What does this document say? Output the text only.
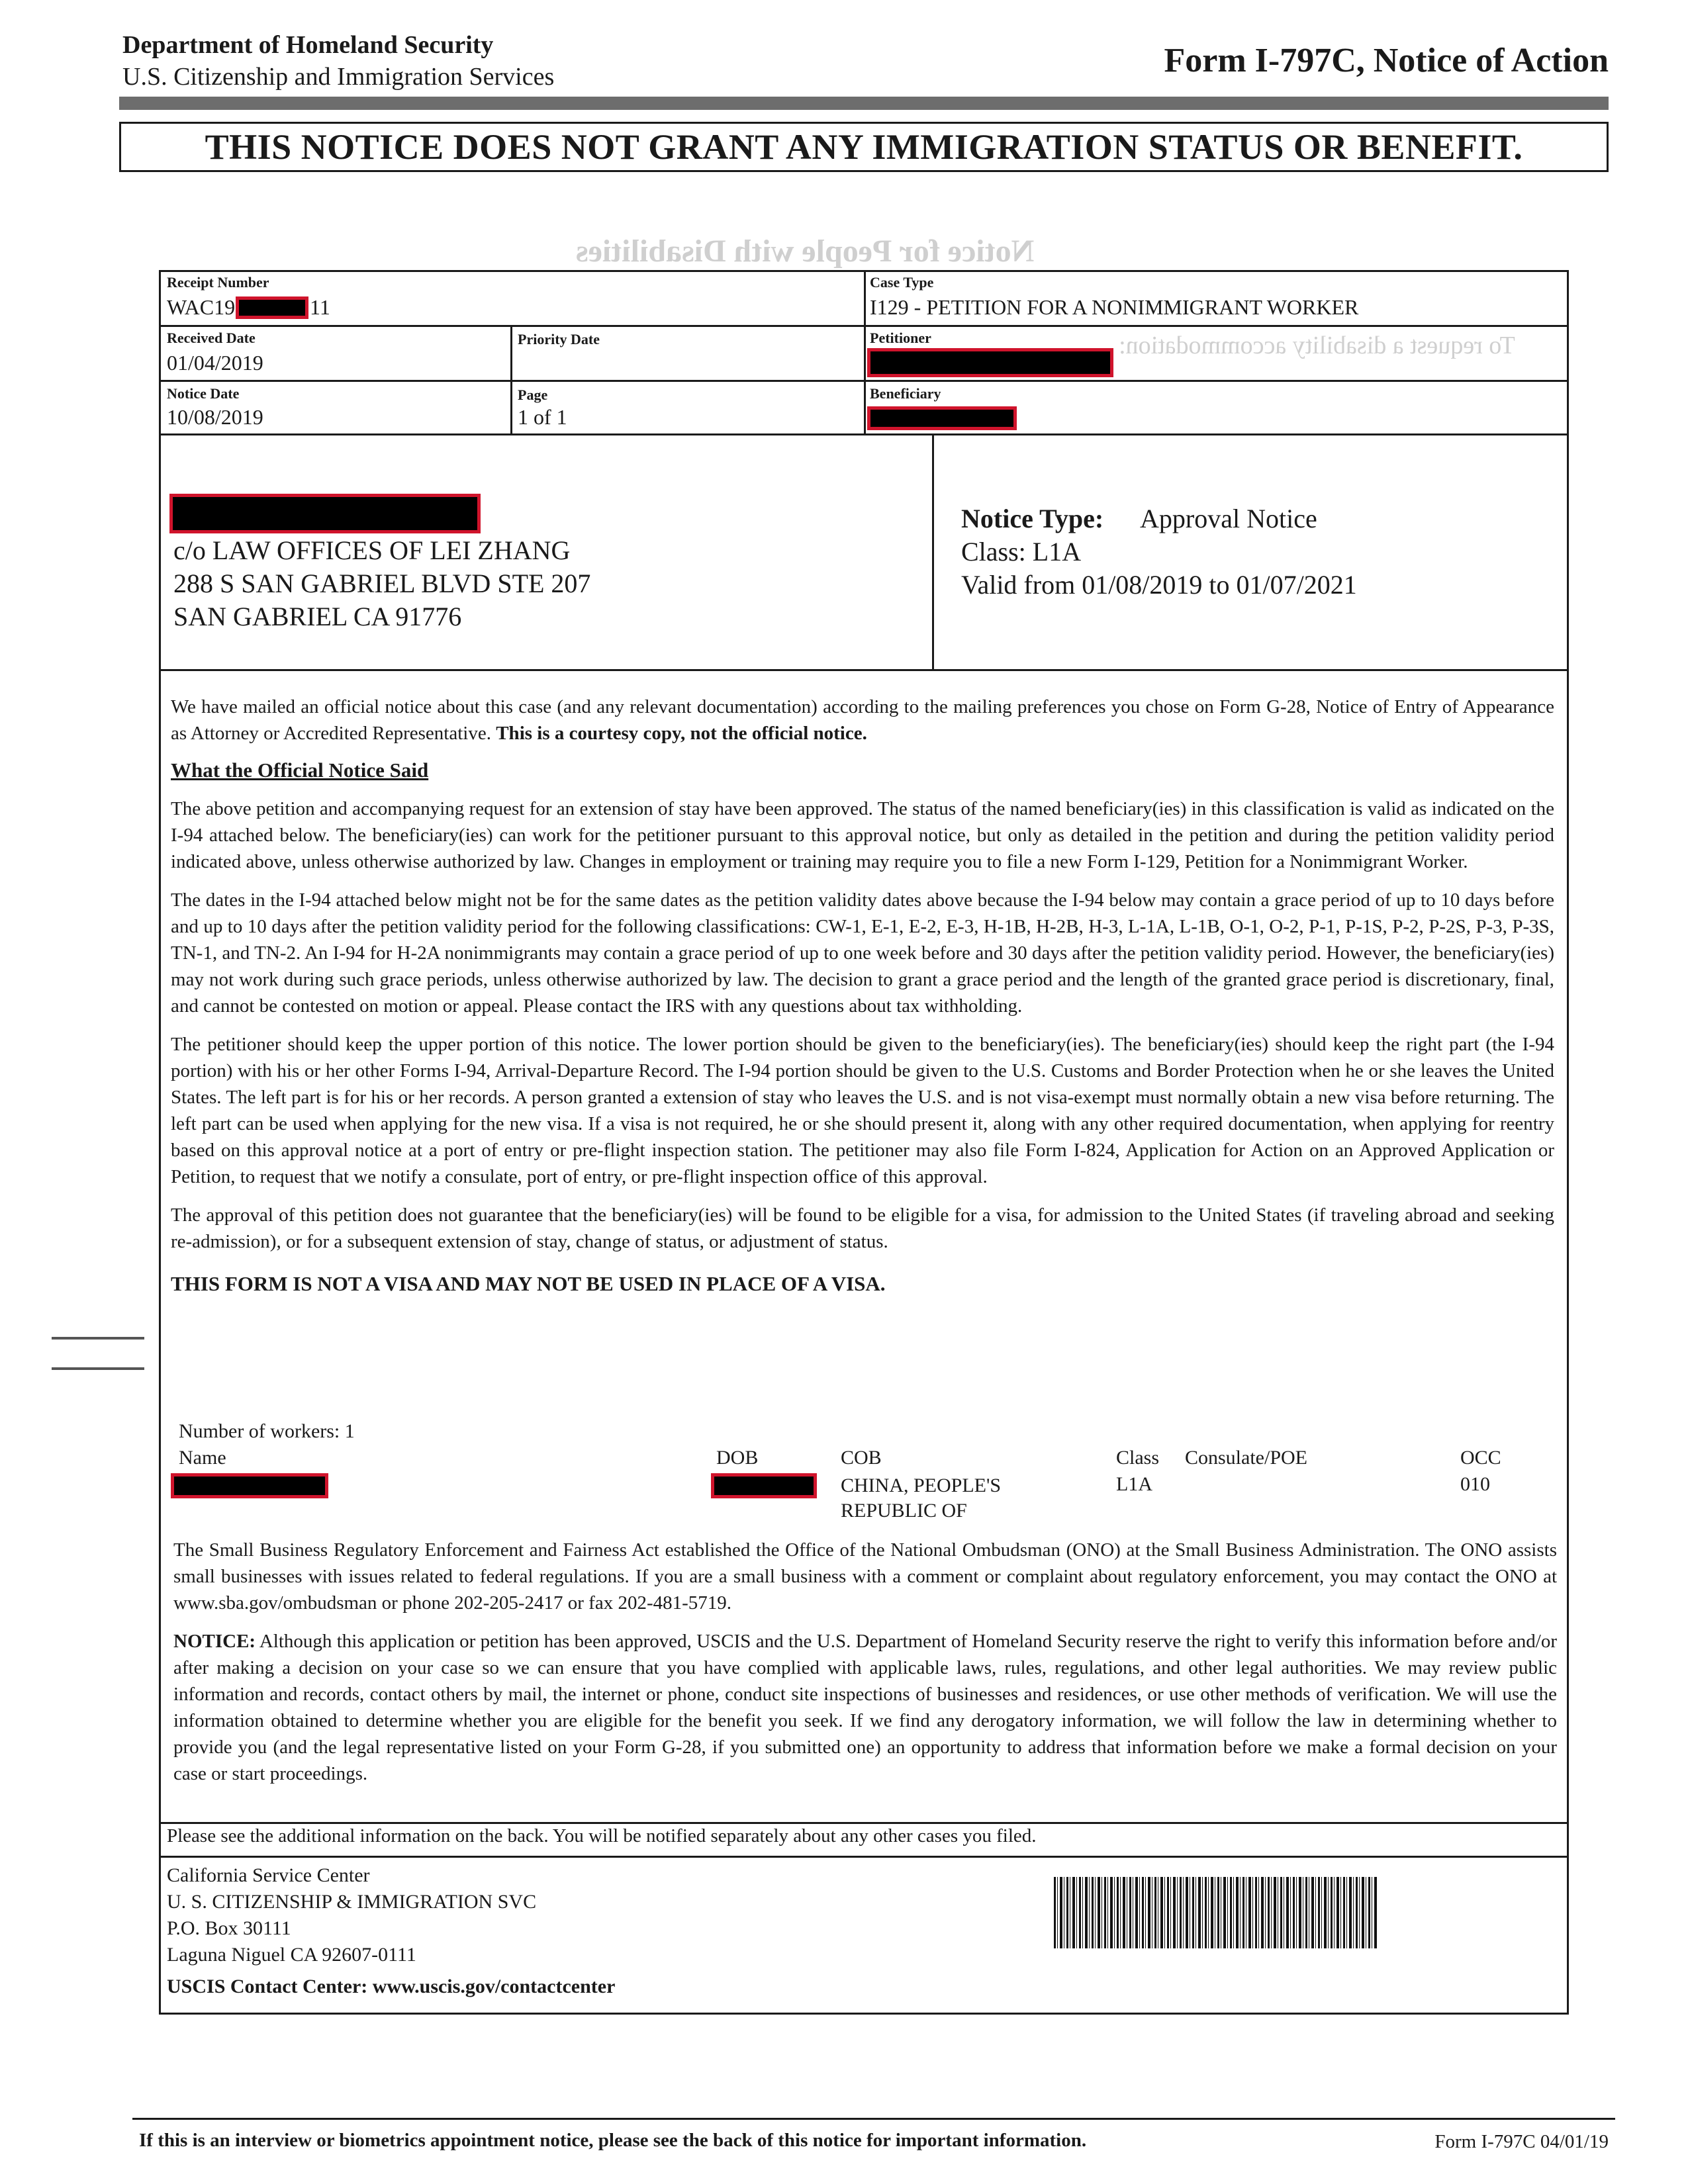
Department of Homeland Security
U.S. Citizenship and Immigration Services	Form I-797C, Notice of Action
THIS NOTICE DOES NOT GRANT ANY IMMIGRATION STATUS OR BENEFIT.
Notice for People with Disabilities
To request a disability accommodation:
Receipt Number
WAC19	11
Case Type
I129 - PETITION FOR A NONIMMIGRANT WORKER
Received Date
01/04/2019
Priority Date	Petitioner
Notice Date
10/08/2019
Page
1 of 1
Beneficiary
c/o LAW OFFICES OF LEI ZHANG
288 S SAN GABRIEL BLVD STE 207
SAN GABRIEL CA 91776
Notice Type: Approval Notice
Class: L1A
Valid from 01/08/2019 to 01/07/2021

We have mailed an official notice about this case (and any relevant documentation) according to the mailing preferences you chose on Form G-28, Notice of Entry of Appearance as Attorney or Accredited Representative. This is a courtesy copy, not the official notice.

What the Official Notice Said

The above petition and accompanying request for an extension of stay have been approved. The status of the named beneficiary(ies) in this classification is valid as indicated on the I-94 attached below. The beneficiary(ies) can work for the petitioner pursuant to this approval notice, but only as detailed in the petition and during the petition validity period indicated above, unless otherwise authorized by law. Changes in employment or training may require you to file a new Form I-129, Petition for a Nonimmigrant Worker.

The dates in the I-94 attached below might not be for the same dates as the petition validity dates above because the I-94 below may contain a grace period of up to 10 days before and up to 10 days after the petition validity period for the following classifications: CW-1, E-1, E-2, E-3, H-1B, H-2B, H-3, L-1A, L-1B, O-1, O-2, P-1, P-1S, P-2, P-2S, P-3, P-3S, TN-1, and TN-2. An I-94 for H-2A nonimmigrants may contain a grace period of up to one week before and 30 days after the petition validity period. However, the beneficiary(ies) may not work during such grace periods, unless otherwise authorized by law. The decision to grant a grace period and the length of the granted grace period is discretionary, final, and cannot be contested on motion or appeal. Please contact the IRS with any questions about tax withholding.

The petitioner should keep the upper portion of this notice. The lower portion should be given to the beneficiary(ies). The beneficiary(ies) should keep the right part (the I-94 portion) with his or her other Forms I-94, Arrival-Departure Record. The I-94 portion should be given to the U.S. Customs and Border Protection when he or she leaves the United States. The left part is for his or her records. A person granted a extension of stay who leaves the U.S. and is not visa-exempt must normally obtain a new visa before returning. The left part can be used when applying for the new visa. If a visa is not required, he or she should present it, along with any other required documentation, when applying for reentry based on this approval notice at a port of entry or pre-flight inspection station. The petitioner may also file Form I-824, Application for Action on an Approved Application or Petition, to request that we notify a consulate, port of entry, or pre-flight inspection office of this approval.

The approval of this petition does not guarantee that the beneficiary(ies) will be found to be eligible for a visa, for admission to the United States (if traveling abroad and seeking re-admission), or for a subsequent extension of stay, change of status, or adjustment of status.

THIS FORM IS NOT A VISA AND MAY NOT BE USED IN PLACE OF A VISA.
Number of workers: 1
Name	DOB	COB	Class Consulate/POE	OCC
CHINA, PEOPLE'S
REPUBLIC OF
L1A	010

The Small Business Regulatory Enforcement and Fairness Act established the Office of the National Ombudsman (ONO) at the Small Business Administration. The ONO assists small businesses with issues related to federal regulations. If you are a small business with a comment or complaint about regulatory enforcement, you may contact the ONO at www.sba.gov/ombudsman or phone 202-205-2417 or fax 202-481-5719.

NOTICE: Although this application or petition has been approved, USCIS and the U.S. Department of Homeland Security reserve the right to verify this information before and/or after making a decision on your case so we can ensure that you have complied with applicable laws, rules, regulations, and other legal authorities. We may review public information and records, contact others by mail, the internet or phone, conduct site inspections of businesses and residences, or use other methods of verification. We will use the information obtained to determine whether you are eligible for the benefit you seek. If we find any derogatory information, we will follow the law in determining whether to provide you (and the legal representative listed on your Form G-28, if you submitted one) an opportunity to address that information before we make a formal decision on your case or start proceedings.

Please see the additional information on the back. You will be notified separately about any other cases you filed.
California Service Center
U. S. CITIZENSHIP & IMMIGRATION SVC
P.O. Box 30111
Laguna Niguel CA 92607-0111
USCIS Contact Center: www.uscis.gov/contactcenter
If this is an interview or biometrics appointment notice, please see the back of this notice for important information.	Form I-797C 04/01/19
